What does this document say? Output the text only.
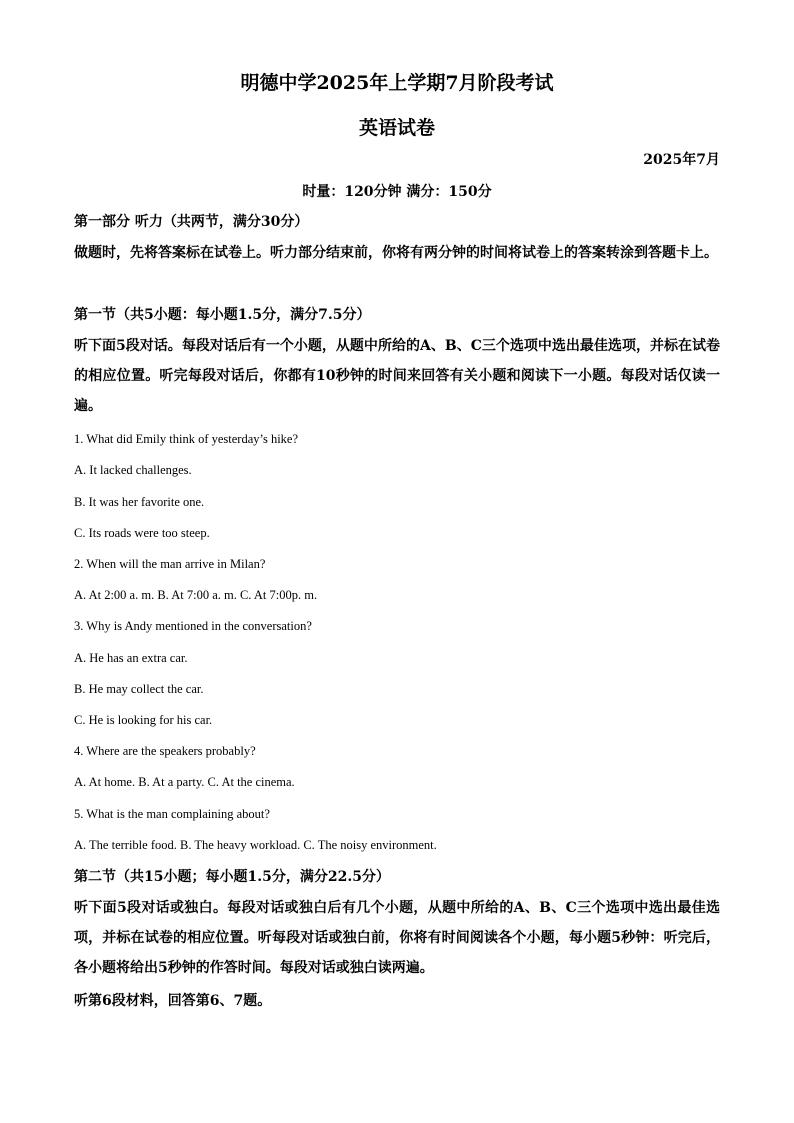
明德中学2025年上学期7月阶段考试
英语试卷
2025年7月
时量：120分钟 满分：150分
第一部分 听力（共两节，满分30分）
做题时，先将答案标在试卷上。听力部分结束前，你将有两分钟的时间将试卷上的答案转涂到答题卡上。
第一节（共5小题：每小题1.5分，满分7.5分）
听下面5段对话。每段对话后有一个小题，从题中所给的A、B、C三个选项中选出最佳选项，并标在试卷的相应位置。听完每段对话后，你都有10秒钟的时间来回答有关小题和阅读下一小题。每段对话仅读一遍。
1. What did Emily think of yesterday’s hike?
A. It lacked challenges.
B. It was her favorite one.
C. Its roads were too steep.
2. When will the man arrive in Milan?
A. At 2:00 a. m. B. At 7:00 a. m. C. At 7:00p. m.
3. Why is Andy mentioned in the conversation?
A. He has an extra car.
B. He may collect the car.
C. He is looking for his car.
4. Where are the speakers probably?
A. At home. B. At a party. C. At the cinema.
5. What is the man complaining about?
A. The terrible food. B. The heavy workload. C. The noisy environment.
第二节（共15小题；每小题1.5分，满分22.5分）
听下面5段对话或独白。每段对话或独白后有几个小题，从题中所给的A、B、C三个选项中选出最佳选项，并标在试卷的相应位置。听每段对话或独白前，你将有时间阅读各个小题，每小题5秒钟：听完后，各小题将给出5秒钟的作答时间。每段对话或独白读两遍。
听第6段材料，回答第6、7题。
